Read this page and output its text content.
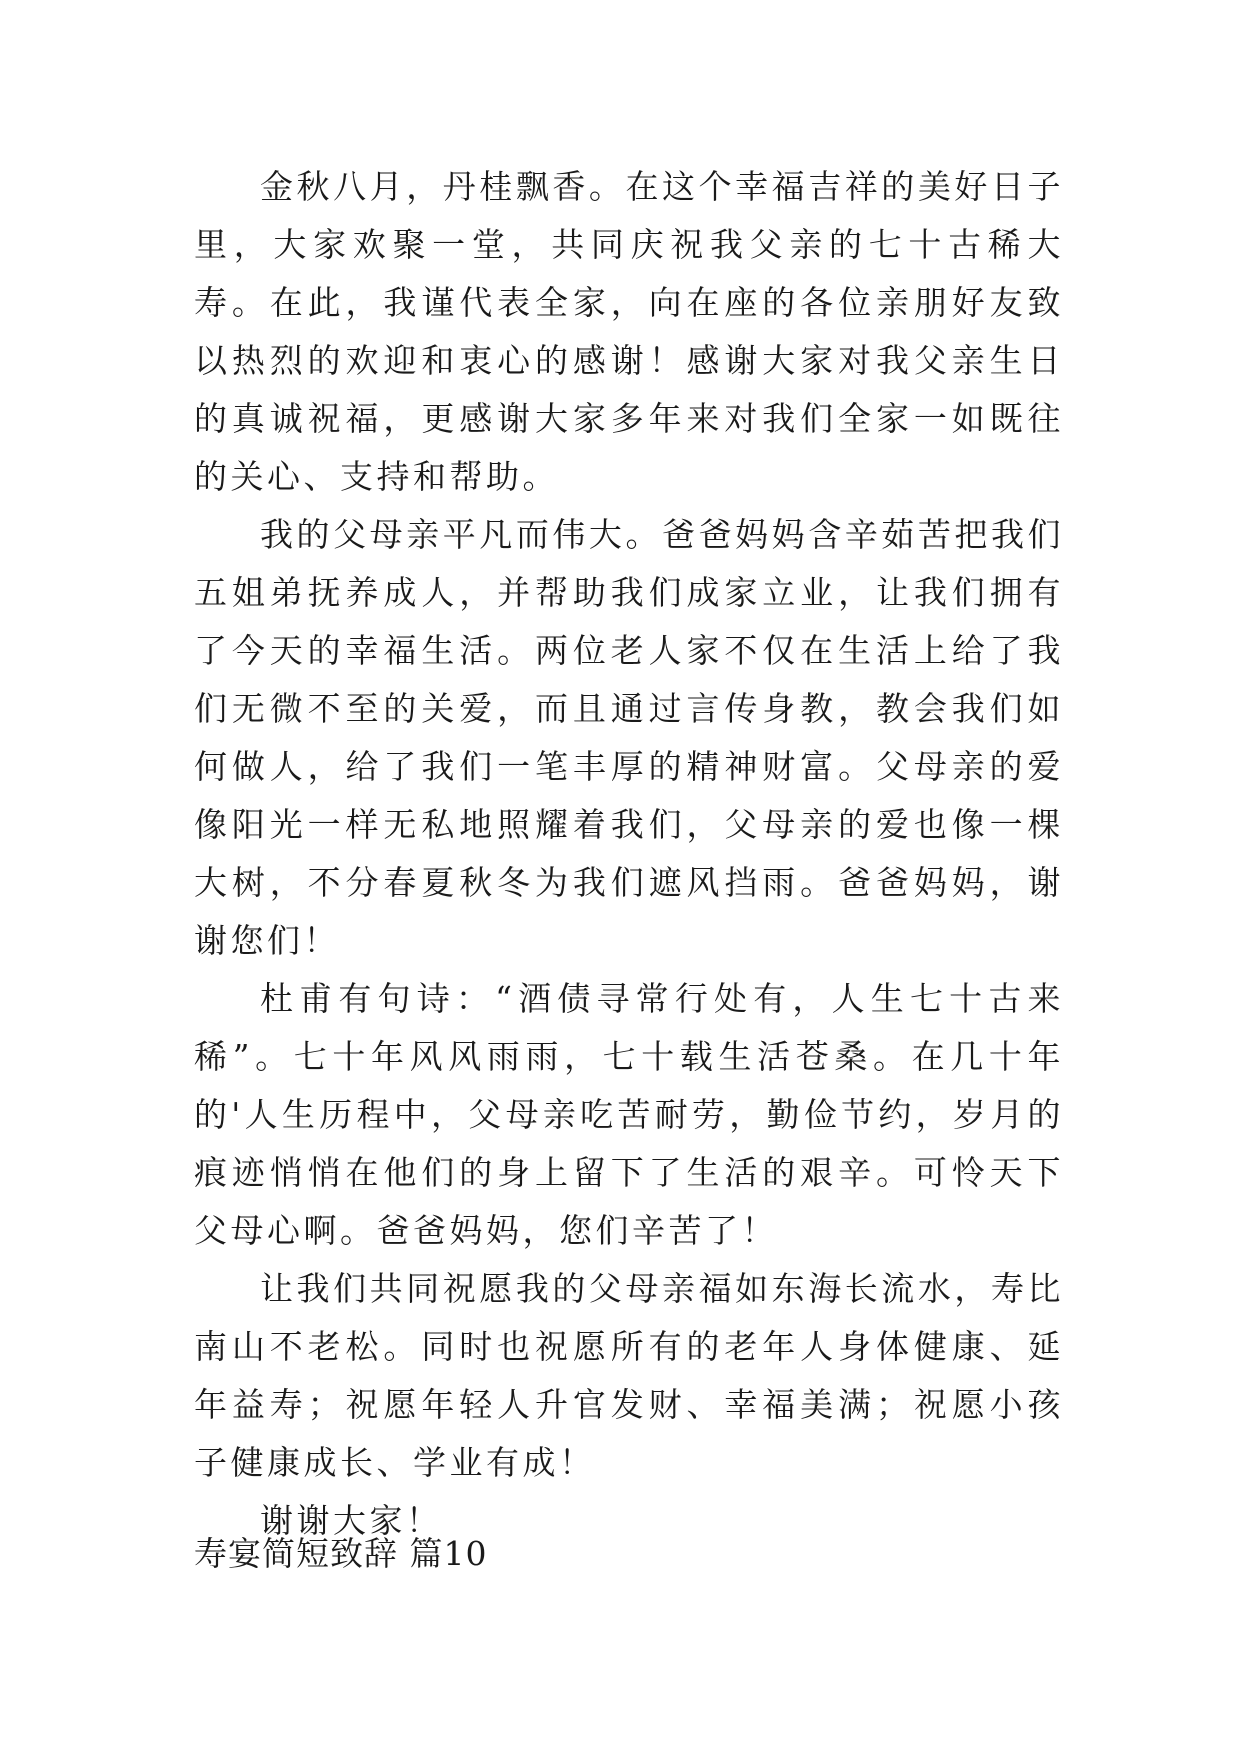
金秋八月，丹桂飘香。在这个幸福吉祥的美好日子里，大家欢聚一堂，共同庆祝我父亲的七十古稀大寿。在此，我谨代表全家，向在座的各位亲朋好友致以热烈的欢迎和衷心的感谢！感谢大家对我父亲生日的真诚祝福，更感谢大家多年来对我们全家一如既往的关心、支持和帮助。

我的父母亲平凡而伟大。爸爸妈妈含辛茹苦把我们五姐弟抚养成人，并帮助我们成家立业，让我们拥有了今天的幸福生活。两位老人家不仅在生活上给了我们无微不至的关爱，而且通过言传身教，教会我们如何做人，给了我们一笔丰厚的精神财富。父母亲的爱像阳光一样无私地照耀着我们，父母亲的爱也像一棵大树，不分春夏秋冬为我们遮风挡雨。爸爸妈妈，谢谢您们！

杜甫有句诗：“酒债寻常行处有，人生七十古来稀”。七十年风风雨雨，七十载生活苍桑。在几十年的'人生历程中，父母亲吃苦耐劳，勤俭节约，岁月的痕迹悄悄在他们的身上留下了生活的艰辛。可怜天下父母心啊。爸爸妈妈，您们辛苦了！

让我们共同祝愿我的父母亲福如东海长流水，寿比南山不老松。同时也祝愿所有的老年人身体健康、延年益寿；祝愿年轻人升官发财、幸福美满；祝愿小孩子健康成长、学业有成！

谢谢大家！

寿宴简短致辞 篇10
